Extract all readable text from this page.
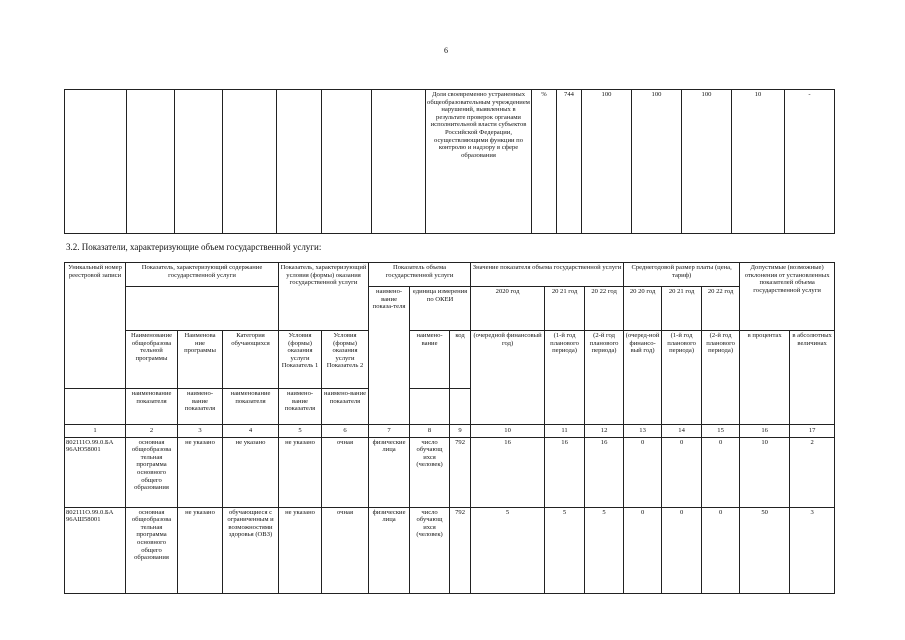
6
							Доля своевременно устраненных общеобразовательным учреждением нарушений, выявленных в результате проверок органами исполнительной власти субъектов Российской Федерации, осуществляющими функции по контролю и надзору в сфере образования	%	744	100	100	100	10	-
3.2. Показатели, характеризующие объем государственной услуги:
Уникальный номер реестровой записи	Показатель, характеризующий содержание государственной услуги			Показатель, характеризующий условия (формы) оказания государственной услуги		Показатель объема государственной услуги			Значение показателя объема государственной услуги			Среднегодовой размер платы (цена, тариф)			Допустимые (возможные) отклонения от установленных показателей объема государственной услуги	
						наимено-вание показа-теля	единица измерения по ОКЕИ		2020 год	20 21 год	20 22 год	20 20 год	20 21 год	20 22 год		
	Наименование общеобразова тельной программы	Наименова ние программы	Категория обучающихся	Условия (формы) оказания услуги Показатель 1	Условия (формы) оказания услуги Показатель 2		наимено-вание	код	(очередной финансовый год)	(1-й год планового периода)	(2-й год планового периода)	(очеред-ной финансо-вый год)	(1-й год планового периода)	(2-й год планового периода)	в процентах	в абсолютных величинах
	наименование показателя	наимено-вание показателя	наименование показателя	наимено-вание показателя	наимено-вание показателя											
1	2	3	4	5	6	7	8	9	10	11	12	13	14	15	16	17
802111О.99.0.БА 96АЮ58001	основная общеобразова тельная программа основного общего образования	не указано	не указано	не указано	очная	физические лица	число обучающ ихся (человек)	792	16	16	16	0	0	0	10	2
802111О.99.0.БА 96АШ58001	основная общеобразова тельная программа основного общего образования	не указано	обучающиеся с ограниченным и возможностями здоровья (ОВЗ)	не указано	очная	физические лица	число обучающ ихся (человек)	792	5	5	5	0	0	0	50	3
